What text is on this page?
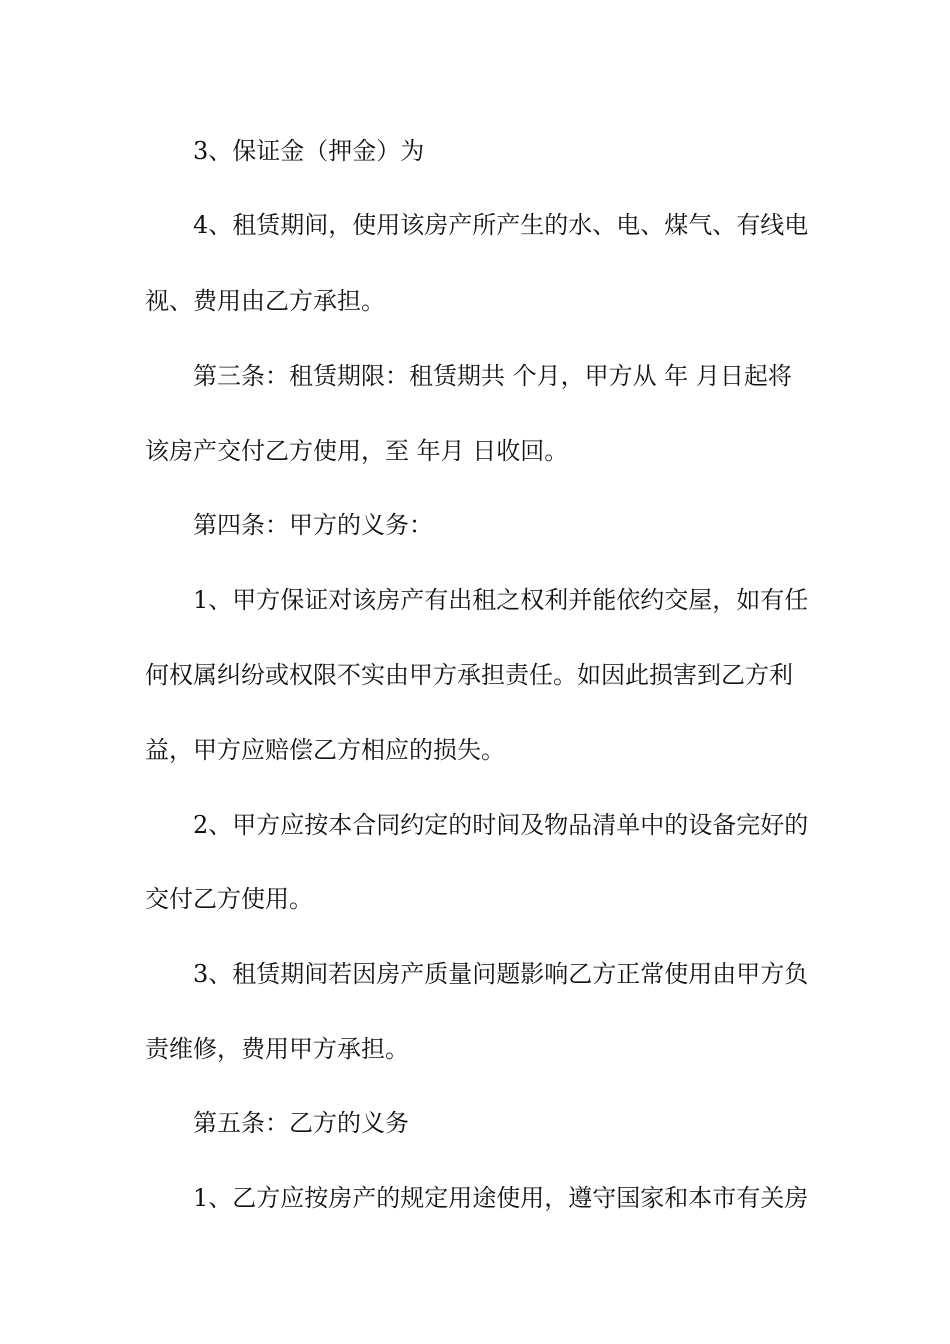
3、保证金（押金）为
4、租赁期间，使用该房产所产生的水、电、煤气、有线电
视、费用由乙方承担。
第三条：租赁期限：租赁期共 个月，甲方从 年 月日起将
该房产交付乙方使用，至 年月 日收回。
第四条：甲方的义务：
1、甲方保证对该房产有出租之权利并能依约交屋，如有任
何权属纠纷或权限不实由甲方承担责任。如因此损害到乙方利
益，甲方应赔偿乙方相应的损失。
2、甲方应按本合同约定的时间及物品清单中的设备完好的
交付乙方使用。
3、租赁期间若因房产质量问题影响乙方正常使用由甲方负
责维修，费用甲方承担。
第五条：乙方的义务
1、乙方应按房产的规定用途使用，遵守国家和本市有关房
